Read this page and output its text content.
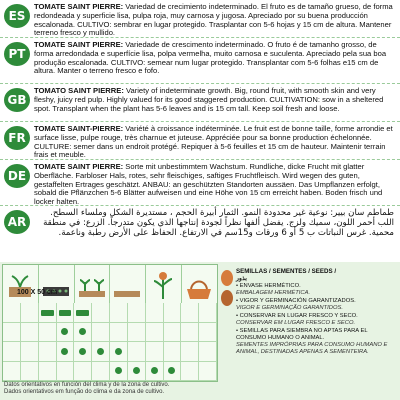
ES
TOMATE SAINT PIERRE: Variedad de crecimiento indeterminado. El fruto es de tamaño grueso, de forma redondeada y superficie lisa, pulpa roja, muy carnosa y jugosa. Apreciado por su buena producción escalonada. CULTIVO: sembrar en lugar protegido. Trasplantar con 5-6 hojas y 15 cm de altura. Mantener terreno fresco y mullido.
PT
TOMATE SAINT PIERRE: Variedade de crescimento indeterminado. O fruto é de tamanho grosso, de forma arredondada e superfície lisa, polpa vermelha, muito carnosa e suculenta. Apreciado pela sua boa produção escalonada. CULTIVO: semear num lugar protegido. Transplantar com 5-6 folhas e15 cm de altura. Manter o terreno fresco e fofo.
GB
TOMATO SAINT PIERRE: Variety of indeterminate growth. Big, round fruit, with smooth skin and very fleshy, juicy red pulp. Highly valued for its good staggered production. CULTIVATION: sow in a sheltered spot. Transplant when the plant has 5-6 leaves and is 15 cm tall. Keep soil fresh and loose.
FR
TOMATE SAINT-PIERRE: Variété à croissance indéterminée. Le fruit est de bonne taille, forme arrondie et surface lisse, pulpe rouge, très charnue et juteuse. Appréciée pour sa bonne production échelonnée. CULTURE: semer dans un endroit protégé. Repiquer à 5-6 feuilles et 15 cm de hauteur. Maintenir terrain frais et meuble.
DE
TOMATE SAINT PIERRE: Sorte mit unbestimmtem Wachstum. Rundliche, dicke Frucht mit glatter Oberfläche. Farbloser Hals, rotes, sehr fleischiges, saftiges Fruchtfleisch. Wird wegen des guten, gestaffelten Ertrages geschätzt. ANBAU: an geschützten Standorten aussäen. Das Umpflanzen erfolgt, sobald die Pflänzchen 5-6 Blätter aufweisen und eine Höhe von 15 cm erreicht haben. Boden frisch und locker halten.
AR
طماطم سان بيير: نوعية غير محدودة النمو. الثمار أبيرة الحجم ، مستديرة الشكل وملساء السطح. اللب أحمر اللون، سميك ولزج. يفضل ألفها نظراً لجودة إنتاجها الذي يكون متدرجاً. الزرع: في منطقة محمية. غرس النباتات ب 5 أو 6 ورقات و15سم في الارتفاع. الحفاظ على الأرض رطبة وناعمة.
100 X 50 cm
SEMILLAS / SEMENTES / SEEDS /
بذور
• ENVASE HERMÉTICO.
EMBALAGEM HERMÉTICA.
• VIGOR Y GERMINACIÓN GARANTIZADOS.
VIGOR E GERMINAÇÃO GARANTIDOS.
• CONSERVAR EN LUGAR FRESCO Y SECO.
CONSERVAR EM LUGAR FRESCO E SECO.
• SEMILLAS PARA SIEMBRA NO APTAS PARA EL CONSUMO HUMANO O ANIMAL.
SEMENTES IMPRÓPRIAS PARA CONSUMO HUMANO E ANIMAL, DESTINADAS APENAS A SEMENTEIRA.
Datos orientativos en función del clima y de la zona de cultivo.
Dados orientativos em função do clima e da zona de cultivo.
